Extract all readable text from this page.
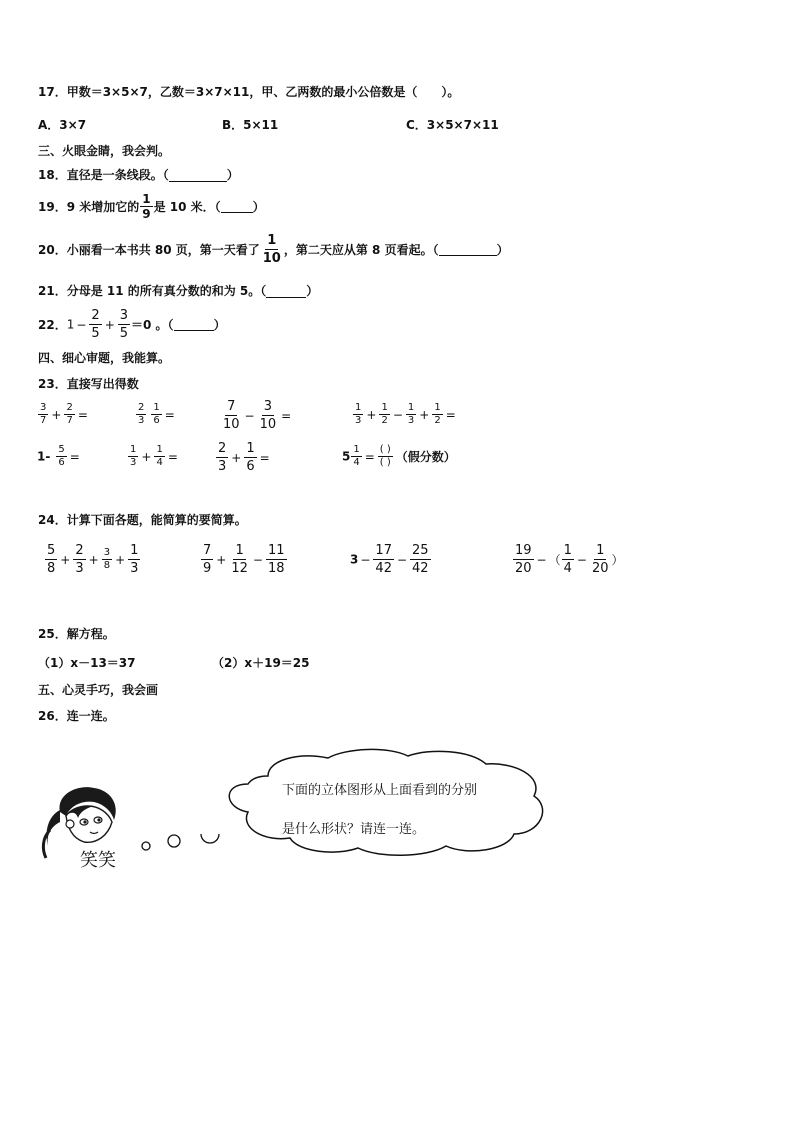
17．甲数＝3×5×7，乙数＝3×7×11，甲、乙两数的最小公倍数是（　　）。
A．3×7	B．5×11	C．3×5×7×11
三、火眼金睛，我会判。
18．直径是一条线段。（	）
19．9 米增加它的 $\frac{1}{9}$ 是 10 米．（	）
20．小丽看一本书共 80 页，第一天看了 $\frac{1}{10}$ ，第二天应从第 8 页看起。（	）
21．分母是 11 的所有真分数的和为 5。（	）
22．$1 - \frac{2}{5} + \frac{3}{5} =0$ 。（	）
四、细心审题，我能算。
23．直接写出得数
$\frac{3}{7} + \frac{2}{7}$ =	$\frac{2}{3} \frac{1}{6}$ =	$\frac{7}{10} - \frac{3}{10}$ =	$\frac{1}{3} + \frac{1}{2} - \frac{1}{3} + \frac{1}{2}$ =
$1- \frac{5}{6}$ =	$\frac{1}{3} + \frac{1}{4}$ =	$\frac{2}{3} + \frac{1}{6}$ =	$5 \frac{1}{4} = \frac{( )}{( )}$ （假分数）
24．计算下面各题，能简算的要简算。
$\frac{5}{8} + \frac{2}{3} + \frac{3}{8} + \frac{1}{3}$	$\frac{7}{9} + \frac{1}{12} - \frac{11}{18}$	$3 - \frac{17}{42} - \frac{25}{42}$	$\frac{19}{20}$ − （ $\frac{1}{4} - \frac{1}{20}$ ）
25．解方程。
（1）x－13＝37	（2）x＋19＝25
五、心灵手巧，我会画
26．连一连。
笑笑
下面的立体图形从上面看到的分别
是什么形状？请连一连。
